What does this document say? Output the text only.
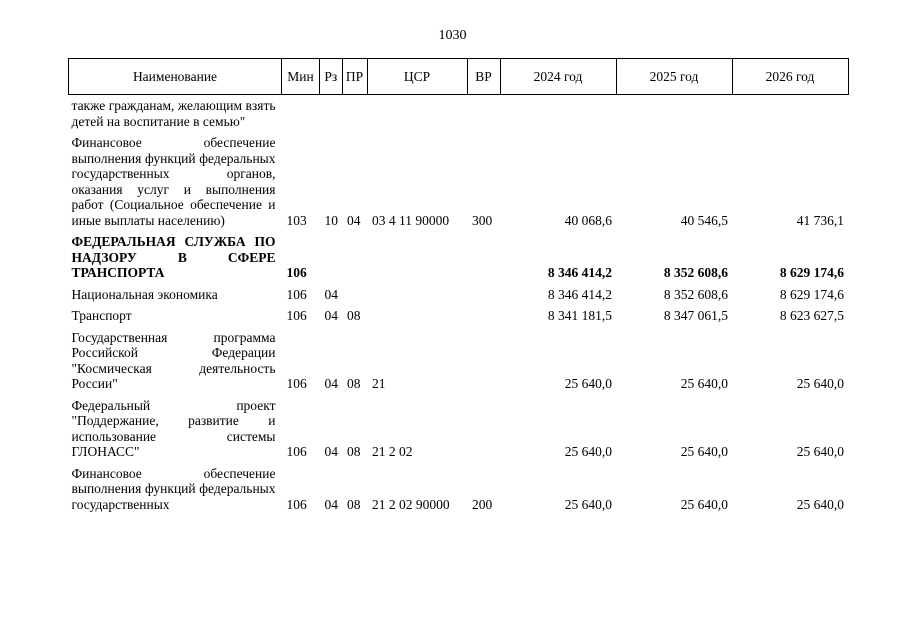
1030
Наименование	Мин	Рз	ПР	ЦСР	ВР	2024 год	2025 год	2026 год
также гражданам, желающим взять детей на воспитание в семью"								
Финансовое обеспечение выполнения функций федеральных государственных органов, оказания услуг и выполнения работ (Социальное обеспечение и иные выплаты населению)	103	10	04	03 4 11 90000	300	40 068,6	40 546,5	41 736,1
ФЕДЕРАЛЬНАЯ СЛУЖБА ПО НАДЗОРУ В СФЕРЕ ТРАНСПОРТА	106					8 346 414,2	8 352 608,6	8 629 174,6
Национальная экономика	106	04				8 346 414,2	8 352 608,6	8 629 174,6
Транспорт	106	04	08			8 341 181,5	8 347 061,5	8 623 627,5
Государственная программа Российской Федерации "Космическая деятельность России"	106	04	08	21		25 640,0	25 640,0	25 640,0
Федеральный проект "Поддержание, развитие и использование системы ГЛОНАСС"	106	04	08	21 2 02		25 640,0	25 640,0	25 640,0
Финансовое обеспечение выполнения функций федеральных государственных	106	04	08	21 2 02 90000	200	25 640,0	25 640,0	25 640,0
